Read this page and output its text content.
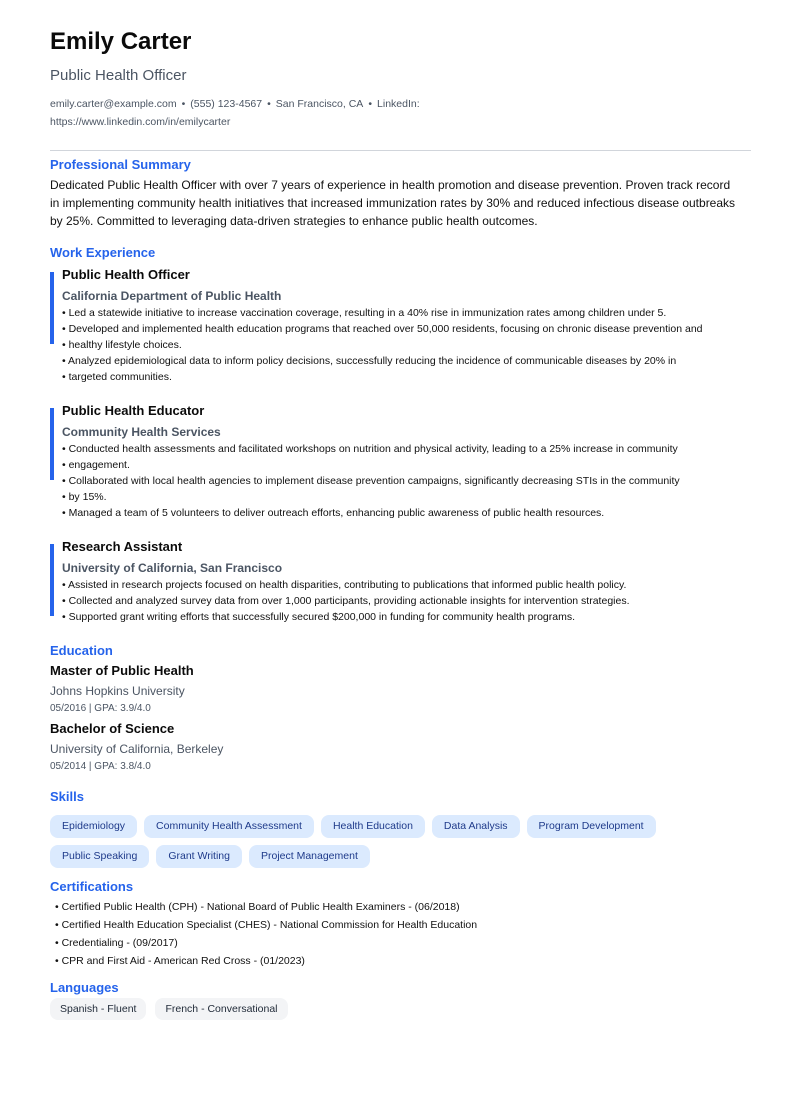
Emily Carter
Public Health Officer
emily.carter@example.com • (555) 123-4567 • San Francisco, CA • LinkedIn:
https://www.linkedin.com/in/emilycarter
Professional Summary
Dedicated Public Health Officer with over 7 years of experience in health promotion and disease prevention. Proven track record in implementing community health initiatives that increased immunization rates by 30% and reduced infectious disease outbreaks by 25%. Committed to leveraging data-driven strategies to enhance public health outcomes.
Work Experience
Public Health Officer
California Department of Public Health
• Led a statewide initiative to increase vaccination coverage, resulting in a 40% rise in immunization rates among children under 5.
• Developed and implemented health education programs that reached over 50,000 residents, focusing on chronic disease prevention and
• healthy lifestyle choices.
• Analyzed epidemiological data to inform policy decisions, successfully reducing the incidence of communicable diseases by 20% in
• targeted communities.
Public Health Educator
Community Health Services
• Conducted health assessments and facilitated workshops on nutrition and physical activity, leading to a 25% increase in community
• engagement.
• Collaborated with local health agencies to implement disease prevention campaigns, significantly decreasing STIs in the community
• by 15%.
• Managed a team of 5 volunteers to deliver outreach efforts, enhancing public awareness of public health resources.
Research Assistant
University of California, San Francisco
• Assisted in research projects focused on health disparities, contributing to publications that informed public health policy.
• Collected and analyzed survey data from over 1,000 participants, providing actionable insights for intervention strategies.
• Supported grant writing efforts that successfully secured $200,000 in funding for community health programs.
Education
Master of Public Health
Johns Hopkins University
05/2016 | GPA: 3.9/4.0
Bachelor of Science
University of California, Berkeley
05/2014 | GPA: 3.8/4.0
Skills
Epidemiology	Community Health Assessment	Health Education	Data Analysis	Program Development
Public Speaking	Grant Writing	Project Management
Certifications
• Certified Public Health (CPH) - National Board of Public Health Examiners - (06/2018)
• Certified Health Education Specialist (CHES) - National Commission for Health Education
• Credentialing - (09/2017)
• CPR and First Aid - American Red Cross - (01/2023)
Languages
Spanish - Fluent	French - Conversational
